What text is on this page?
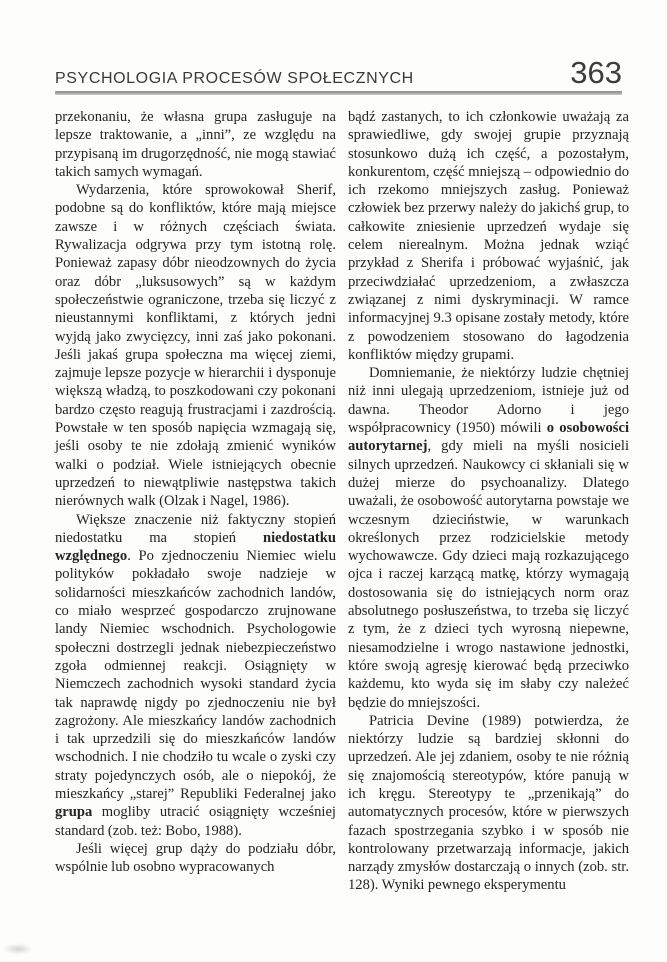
PSYCHOLOGIA PROCESÓW SPOŁECZNYCH	363

przekonaniu, że własna grupa zasługuje na lepsze traktowanie, a „inni”, ze względu na przypisaną im drugorzędność, nie mogą stawiać takich samych wymagań.

Wydarzenia, które sprowokował Sherif, podobne są do konfliktów, które mają miejsce zawsze i w różnych częściach świata. Rywalizacja odgrywa przy tym istotną rolę. Ponieważ zapasy dóbr nieodzownych do życia oraz dóbr „luksusowych” są w każdym społeczeństwie ograniczone, trzeba się liczyć z nieustannymi konfliktami, z których jedni wyjdą jako zwycięzcy, inni zaś jako pokonani. Jeśli jakaś grupa społeczna ma więcej ziemi, zajmuje lepsze pozycje w hierarchii i dysponuje większą władzą, to poszkodowani czy pokonani bardzo często reagują frustracjami i zazdrością. Powstałe w ten sposób napięcia wzmagają się, jeśli osoby te nie zdołają zmienić wyników walki o podział. Wiele istniejących obecnie uprzedzeń to niewątpliwie następstwa takich nierównych walk (Olzak i Nagel, 1986).

Większe znaczenie niż faktyczny stopień niedostatku ma stopień niedostatku względnego. Po zjednoczeniu Niemiec wielu polityków pokładało swoje nadzieje w solidarności mieszkańców zachodnich landów, co miało wesprzeć gospodarczo zrujnowane landy Niemiec wschodnich. Psychologowie społeczni dostrzegli jednak niebezpieczeństwo zgoła odmiennej reakcji. Osiągnięty w Niemczech zachodnich wysoki standard życia tak naprawdę nigdy po zjednoczeniu nie był zagrożony. Ale mieszkańcy landów zachodnich i tak uprzedzili się do mieszkańców landów wschodnich. I nie chodziło tu wcale o zyski czy straty pojedynczych osób, ale o niepokój, że mieszkańcy „starej” Republiki Federalnej jako grupa mogliby utracić osiągnięty wcześniej standard (zob. też: Bobo, 1988).

Jeśli więcej grup dąży do podziału dóbr, wspólnie lub osobno wypracowanych

bądź zastanych, to ich członkowie uważają za sprawiedliwe, gdy swojej grupie przyznają stosunkowo dużą ich część, a pozostałym, konkurentom, część mniejszą – odpowiednio do ich rzekomo mniejszych zasług. Ponieważ człowiek bez przerwy należy do jakichś grup, to całkowite zniesienie uprzedzeń wydaje się celem nierealnym. Można jednak wziąć przykład z Sherifa i próbować wyjaśnić, jak przeciwdziałać uprzedzeniom, a zwłaszcza związanej z nimi dyskryminacji. W ramce informacyjnej 9.3 opisane zostały metody, które z powodzeniem stosowano do łagodzenia konfliktów między grupami.

Domniemanie, że niektórzy ludzie chętniej niż inni ulegają uprzedzeniom, istnieje już od dawna. Theodor Adorno i jego współpracownicy (1950) mówili o osobowości autorytarnej, gdy mieli na myśli nosicieli silnych uprzedzeń. Naukowcy ci skłaniali się w dużej mierze do psychoanalizy. Dlatego uważali, że osobowość autorytarna powstaje we wczesnym dzieciństwie, w warunkach określonych przez rodzicielskie metody wychowawcze. Gdy dzieci mają rozkazującego ojca i raczej karzącą matkę, którzy wymagają dostosowania się do istniejących norm oraz absolutnego posłuszeństwa, to trzeba się liczyć z tym, że z dzieci tych wyrosną niepewne, niesamodzielne i wrogo nastawione jednostki, które swoją agresję kierować będą przeciwko każdemu, kto wyda się im słaby czy należeć będzie do mniejszości.

Patricia Devine (1989) potwierdza, że niektórzy ludzie są bardziej skłonni do uprzedzeń. Ale jej zdaniem, osoby te nie różnią się znajomością stereotypów, które panują w ich kręgu. Stereotypy te „przenikają” do automatycznych procesów, które w pierwszych fazach spostrzegania szybko i w sposób nie kontrolowany przetwarzają informacje, jakich narządy zmysłów dostarczają o innych (zob. str. 128). Wyniki pewnego eksperymentu
